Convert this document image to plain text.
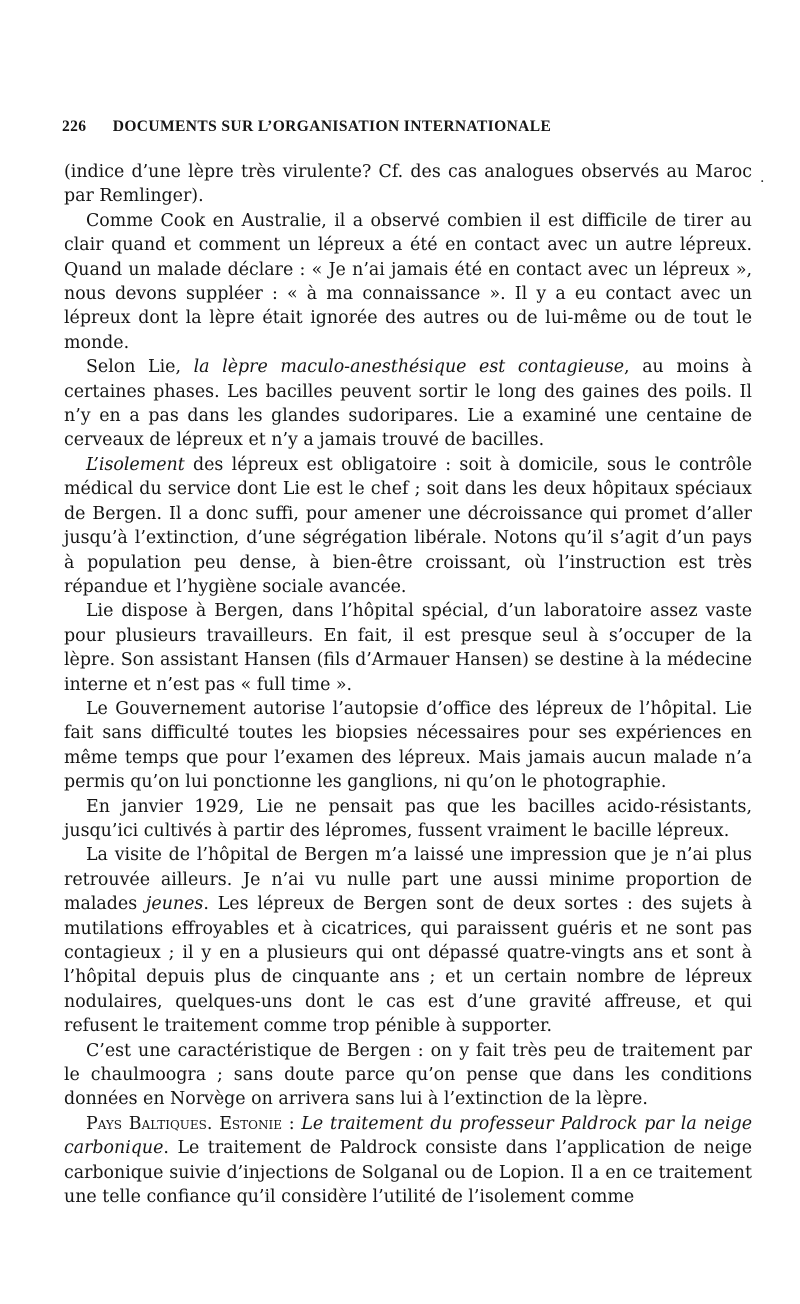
226 DOCUMENTS SUR L’ORGANISATION INTERNATIONALE
.

(indice d’une lèpre très virulente? Cf. des cas analogues observés au Maroc par Remlinger).

Comme Cook en Australie, il a observé combien il est difficile de tirer au clair quand et comment un lépreux a été en contact avec un autre lépreux. Quand un malade déclare : « Je n’ai jamais été en contact avec un lépreux », nous devons suppléer : « à ma connaissance ». Il y a eu contact avec un lépreux dont la lèpre était ignorée des autres ou de lui-même ou de tout le monde.

Selon Lie, la lèpre maculo-anesthésique est contagieuse, au moins à certaines phases. Les bacilles peuvent sortir le long des gaines des poils. Il n’y en a pas dans les glandes sudoripares. Lie a examiné une centaine de cerveaux de lépreux et n’y a jamais trouvé de bacilles.

L’isolement des lépreux est obligatoire : soit à domicile, sous le contrôle médical du service dont Lie est le chef ; soit dans les deux hôpitaux spéciaux de Bergen. Il a donc suffi, pour amener une décroissance qui promet d’aller jusqu’à l’extinction, d’une ségrégation libérale. Notons qu’il s’agit d’un pays à population peu dense, à bien-être croissant, où l’instruction est très répandue et l’hygiène sociale avancée.

Lie dispose à Bergen, dans l’hôpital spécial, d’un laboratoire assez vaste pour plusieurs travailleurs. En fait, il est presque seul à s’occuper de la lèpre. Son assistant Hansen (fils d’Armauer Hansen) se destine à la médecine interne et n’est pas « full time ».

Le Gouvernement autorise l’autopsie d’office des lépreux de l’hôpital. Lie fait sans difficulté toutes les biopsies nécessaires pour ses expériences en même temps que pour l’examen des lépreux. Mais jamais aucun malade n’a permis qu’on lui ponctionne les ganglions, ni qu’on le photographie.

En janvier 1929, Lie ne pensait pas que les bacilles acido-résistants, jusqu’ici cultivés à partir des lépromes, fussent vraiment le bacille lépreux.

La visite de l’hôpital de Bergen m’a laissé une impression que je n’ai plus retrouvée ailleurs. Je n’ai vu nulle part une aussi minime proportion de malades jeunes. Les lépreux de Bergen sont de deux sortes : des sujets à mutilations effroyables et à cicatrices, qui paraissent guéris et ne sont pas contagieux ; il y en a plusieurs qui ont dépassé quatre-vingts ans et sont à l’hôpital depuis plus de cinquante ans ; et un certain nombre de lépreux nodulaires, quelques-uns dont le cas est d’une gravité affreuse, et qui refusent le traitement comme trop pénible à supporter.

C’est une caractéristique de Bergen : on y fait très peu de traitement par le chaulmoogra ; sans doute parce qu’on pense que dans les conditions données en Norvège on arrivera sans lui à l’extinction de la lèpre.

Pays Baltiques. Estonie : Le traitement du professeur Paldrock par la neige carbonique. Le traitement de Paldrock consiste dans l’application de neige carbonique suivie d’injections de Solganal ou de Lopion. Il a en ce traitement une telle confiance qu’il considère l’utilité de l’isolement comme
